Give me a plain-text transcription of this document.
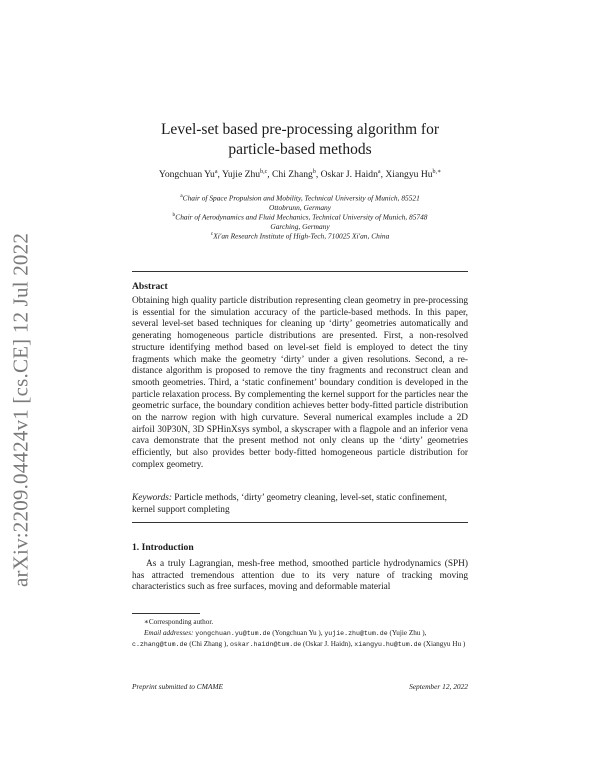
arXiv:2209.04424v1 [cs.CE] 12 Jul 2022
Level-set based pre-processing algorithm for
particle-based methods
Yongchuan Yu$^a$, Yujie Zhu$^{b,c}$, Chi Zhang$^b$, Oskar J. Haidn$^a$, Xiangyu $Hu^{b,∗}$
$^a$Chair of Space Propulsion and Mobility, Technical University of Munich, 85521
Ottobrunn, Germany
$^b$Chair of Aerodynamics and Fluid Mechanics, Technical University of Munich, 85748
Garching, Germany
$^c$Xi'an Research Institute of High-Tech, 710025 Xi'an, China
Abstract
Obtaining high quality particle distribution representing clean geometry in pre-processing is essential for the simulation accuracy of the particle-based methods. In this paper, several level-set based techniques for cleaning up ‘dirty’ geometries automatically and generating homogeneous particle distributions are presented. First, a non-resolved structure identifying method based on level-set field is employed to detect the tiny fragments which make the geometry ‘dirty’ under a given resolutions. Second, a re-distance algorithm is proposed to remove the tiny fragments and reconstruct clean and smooth geometries. Third, a ‘static confinement’ boundary condition is developed in the particle relaxation process. By complementing the kernel support for the particles near the geometric surface, the boundary condition achieves better body-fitted particle distribution on the narrow region with high curvature. Several numerical examples include a 2D airfoil 30P30N, 3D SPHinXsys symbol, a skyscraper with a flagpole and an inferior vena cava demonstrate that the present method not only cleans up the ‘dirty’ geometries efficiently, but also provides better body-fitted homogeneous particle distribution for complex geometry.
Keywords: Particle methods, ‘dirty’ geometry cleaning, level-set, static confinement, kernel support completing
1. Introduction
As a truly Lagrangian, mesh-free method, smoothed particle hydrodynamics (SPH) has attracted tremendous attention due to its very nature of tracking moving characteristics such as free surfaces, moving and deformable material
∗Corresponding author.
Email addresses: yongchuan.yu@tum.de (Yongchuan Yu ), yujie.zhu@tum.de (Yujie Zhu ), c.zhang@tum.de (Chi Zhang ), oskar.haidn@tum.de (Oskar J. Haidn), xiangyu.hu@tum.de (Xiangyu Hu )
Preprint submitted to CMAME	September 12, 2022
